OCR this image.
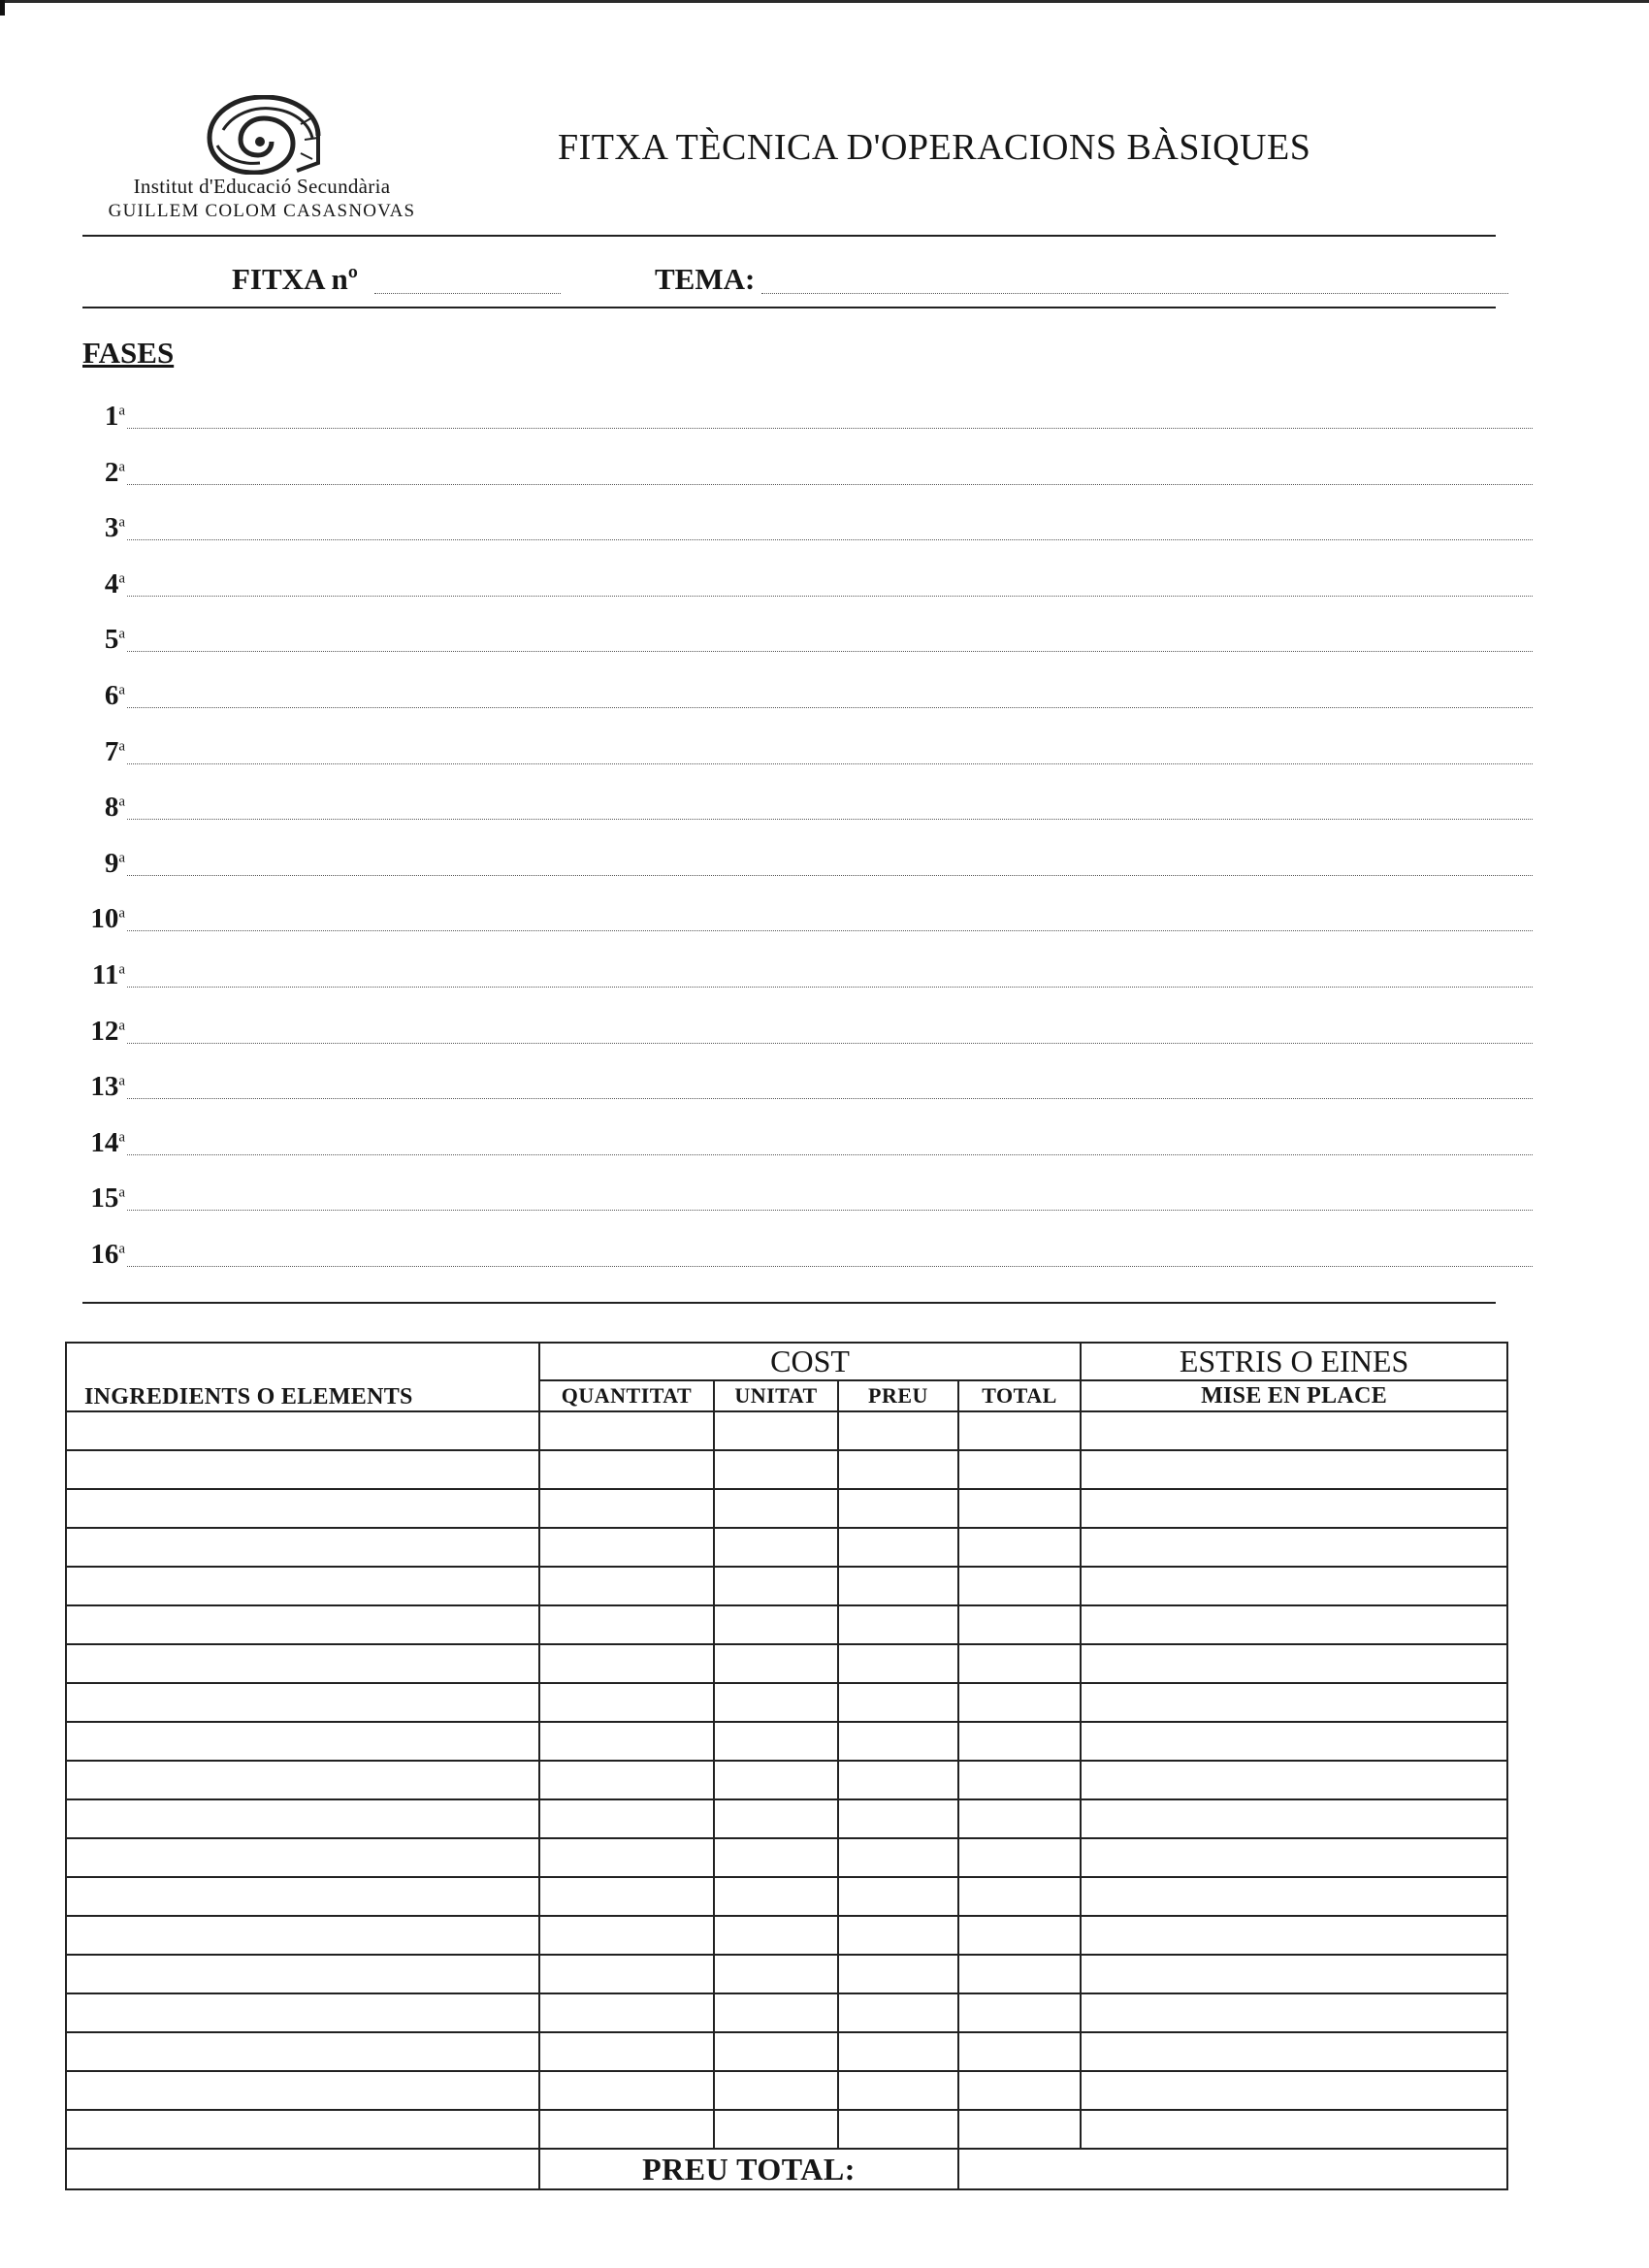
Institut d'Educació Secundària
GUILLEM COLOM CASASNOVAS
FITXA TÈCNICA D'OPERACIONS BÀSIQUES
FITXA nº	TEMA:
FASES
1$^a$
2$^a$
3$^a$
4$^a$
5$^a$
6$^a$
7$^a$
8$^a$
9$^a$
10$^a$
11$^a$
12$^a$
13$^a$
14$^a$
15$^a$
16$^a$
	COST				ESTRIS O EINES
INGREDIENTS O ELEMENTS	QUANTITAT	UNITAT	PREU	TOTAL	MISE EN PLACE

	PREU TOTAL:				
